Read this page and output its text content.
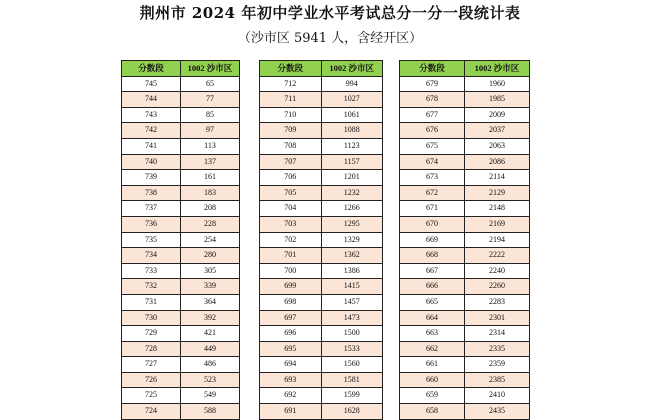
荆州市 2024 年初中学业水平考试总分一分一段统计表
（沙市区 5941 人，含经开区）
分数段	1002 沙市区
745	65
744	77
743	85
742	97
741	113
740	137
739	161
738	183
737	208
736	228
735	254
734	280
733	305
732	339
731	364
730	392
729	421
728	449
727	486
726	523
725	549
724	588
分数段	1002 沙市区
712	994
711	1027
710	1061
709	1088
708	1123
707	1157
706	1201
705	1232
704	1266
703	1295
702	1329
701	1362
700	1386
699	1415
698	1457
697	1473
696	1500
695	1533
694	1560
693	1581
692	1599
691	1628
分数段	1002 沙市区
679	1960
678	1985
677	2009
676	2037
675	2063
674	2086
673	2114
672	2129
671	2148
670	2169
669	2194
668	2222
667	2240
666	2260
665	2283
664	2301
663	2314
662	2335
661	2359
660	2385
659	2410
658	2435
